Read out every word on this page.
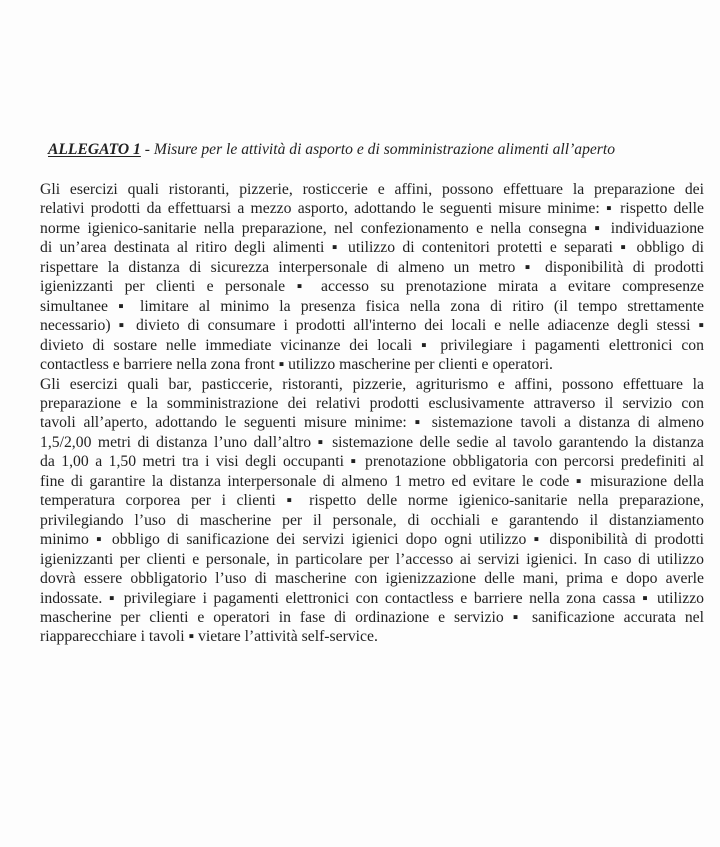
ALLEGATO 1 - Misure per le attività di asporto e di somministrazione alimenti all’aperto

Gli esercizi quali ristoranti, pizzerie, rosticcerie e affini, possono effettuare la preparazione dei
relativi prodotti da effettuarsi a mezzo asporto, adottando le seguenti misure minime: ▪ rispetto delle
norme igienico-sanitarie nella preparazione, nel confezionamento e nella consegna ▪ individuazione
di un’area destinata al ritiro degli alimenti ▪ utilizzo di contenitori protetti e separati ▪ obbligo di
rispettare la distanza di sicurezza interpersonale di almeno un metro ▪ disponibilità di prodotti
igienizzanti per clienti e personale ▪ accesso su prenotazione mirata a evitare compresenze
simultanee ▪ limitare al minimo la presenza fisica nella zona di ritiro (il tempo strettamente
necessario) ▪ divieto di consumare i prodotti all'interno dei locali e nelle adiacenze degli stessi ▪
divieto di sostare nelle immediate vicinanze dei locali ▪ privilegiare i pagamenti elettronici con
contactless e barriere nella zona front ▪ utilizzo mascherine per clienti e operatori.

Gli esercizi quali bar, pasticcerie, ristoranti, pizzerie, agriturismo e affini, possono effettuare la
preparazione e la somministrazione dei relativi prodotti esclusivamente attraverso il servizio con
tavoli all’aperto, adottando le seguenti misure minime: ▪ sistemazione tavoli a distanza di almeno
1,5/2,00 metri di distanza l’uno dall’altro ▪ sistemazione delle sedie al tavolo garantendo la distanza
da 1,00 a 1,50 metri tra i visi degli occupanti ▪ prenotazione obbligatoria con percorsi predefiniti al
fine di garantire la distanza interpersonale di almeno 1 metro ed evitare le code ▪ misurazione della
temperatura corporea per i clienti ▪ rispetto delle norme igienico-sanitarie nella preparazione,
privilegiando l’uso di mascherine per il personale, di occhiali e garantendo il distanziamento
minimo ▪ obbligo di sanificazione dei servizi igienici dopo ogni utilizzo ▪ disponibilità di prodotti
igienizzanti per clienti e personale, in particolare per l’accesso ai servizi igienici. In caso di utilizzo
dovrà essere obbligatorio l’uso di mascherine con igienizzazione delle mani, prima e dopo averle
indossate. ▪ privilegiare i pagamenti elettronici con contactless e barriere nella zona cassa ▪ utilizzo
mascherine per clienti e operatori in fase di ordinazione e servizio ▪ sanificazione accurata nel
riapparecchiare i tavoli ▪ vietare l’attività self-service.
